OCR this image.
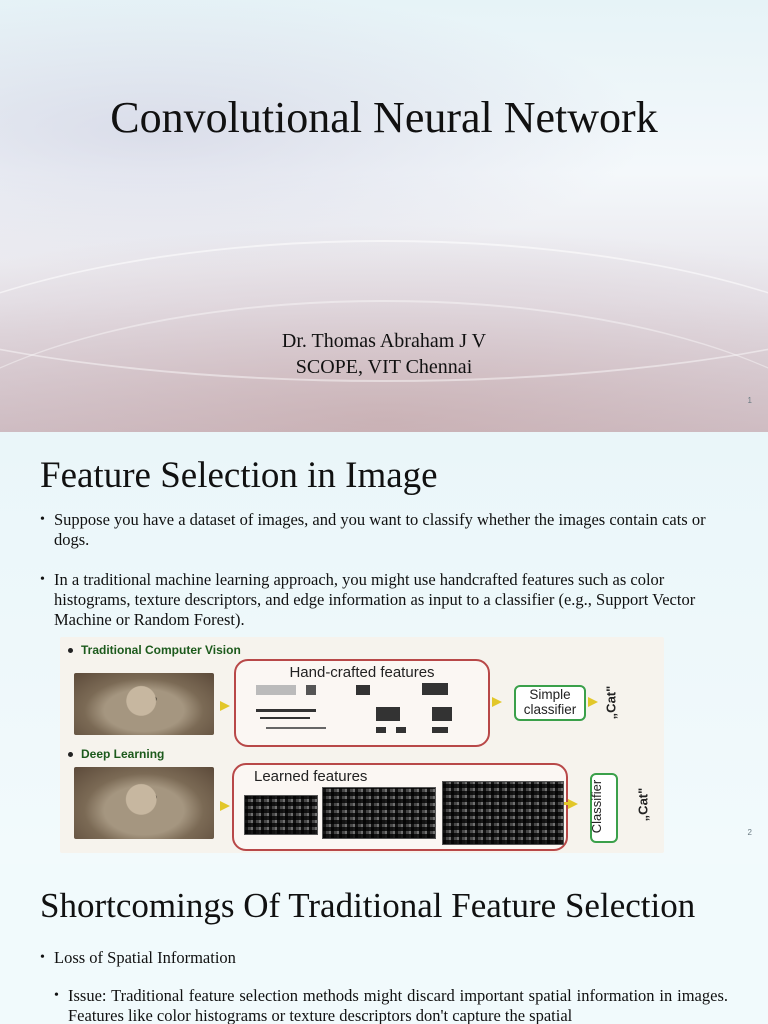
Convolutional Neural Network
Dr. Thomas Abraham J V
SCOPE, VIT Chennai
1
Feature Selection in Image
• Suppose you have a dataset of images, and you want to classify whether the images contain cats or dogs.
• In a traditional machine learning approach, you might use handcrafted features such as color histograms, texture descriptors, and edge information as input to a classifier (e.g., Support Vector Machine or Random Forest).
Traditional Computer Vision
Hand-crafted features
Simple classifier	„Cat"
Deep Learning
Learned features
Classifier „Cat"
2
Shortcomings Of Traditional Feature Selection
• Loss of Spatial Information
• Issue: Traditional feature selection methods might discard important spatial information in images. Features like color histograms or texture descriptors don't capture the spatial
